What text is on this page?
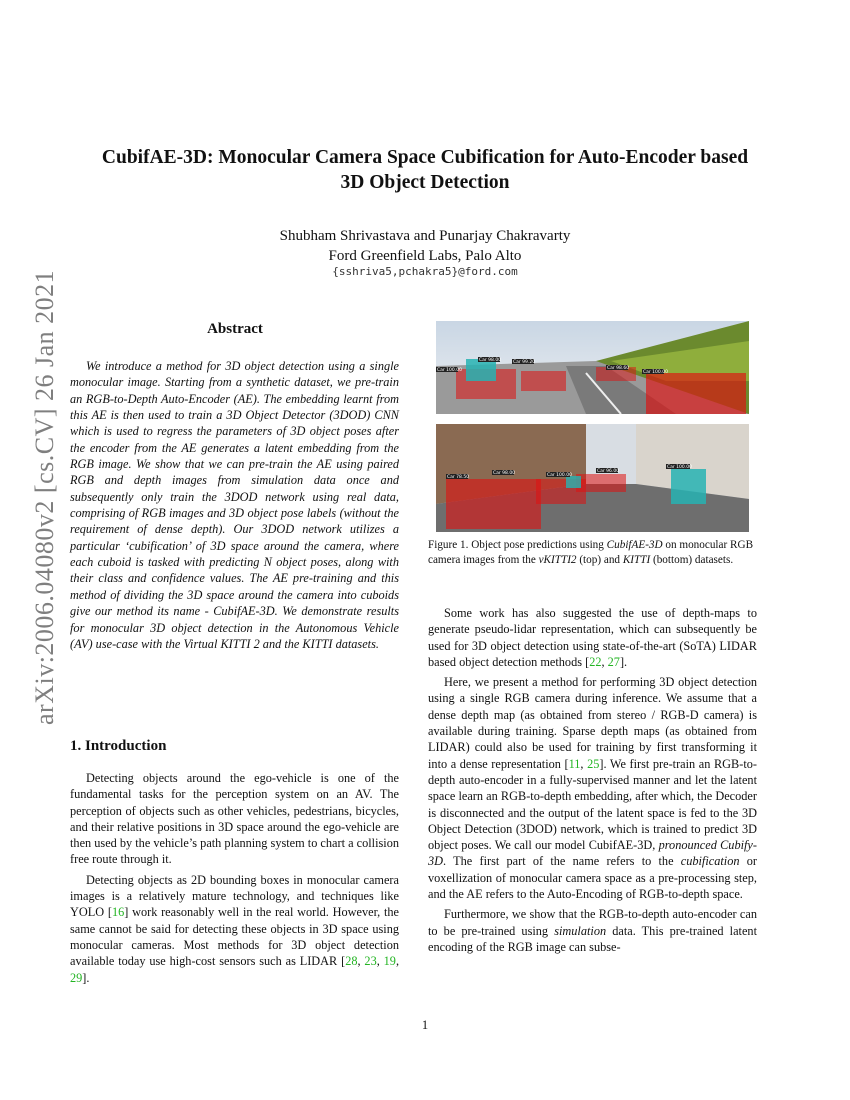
arXiv:2006.04080v2 [cs.CV] 26 Jan 2021
CubifAE-3D: Monocular Camera Space Cubification for Auto-Encoder based
3D Object Detection
Shubham Shrivastava and Punarjay Chakravarty
Ford Greenfield Labs, Palo Alto
{sshriva5,pchakra5}@ford.com
Abstract
We introduce a method for 3D object detection using a single monocular image. Starting from a synthetic dataset, we pre-train an RGB-to-Depth Auto-Encoder (AE). The embedding learnt from this AE is then used to train a 3D Object Detector (3DOD) CNN which is used to regress the parameters of 3D object poses after the encoder from the AE generates a latent embedding from the RGB image. We show that we can pre-train the AE using paired RGB and depth images from simulation data once and subsequently only train the 3DOD network using real data, comprising of RGB images and 3D object pose labels (without the requirement of dense depth). Our 3DOD network utilizes a particular ‘cubification’ of 3D space around the camera, where each cuboid is tasked with predicting N object poses, along with their class and confidence values. The AE pre-training and this method of dividing the 3D space around the camera into cuboids give our method its name - CubifAE-3D. We demonstrate results for monocular 3D object detection in the Autonomous Vehicle (AV) use-case with the Virtual KITTI 2 and the KITTI datasets.
1. Introduction

Detecting objects around the ego-vehicle is one of the fundamental tasks for the perception system on an AV. The perception of objects such as other vehicles, pedestrians, bicycles, and their relative positions in 3D space around the ego-vehicle are then used by the vehicle’s path planning system to chart a collision free route through it.

Detecting objects as 2D bounding boxes in monocular camera images is a relatively mature technology, and techniques like YOLO [16] work reasonably well in the real world. However, the same cannot be said for detecting these objects in 3D space using monocular cameras. Most methods for 3D object detection available today use high-cost sensors such as LIDAR [28, 23, 19, 29].

Car 100.00
Car 98.00	Car 99.20
Car 98.60
Car 100.00
Car 78.50
Car 98.00	Car 100.00
Car 96.00
Car 100.00
Figure 1. Object pose predictions using CubifAE-3D on monocular RGB camera images from the vKITTI2 (top) and KITTI (bottom) datasets.

Some work has also suggested the use of depth-maps to generate pseudo-lidar representation, which can subsequently be used for 3D object detection using state-of-the-art (SoTA) LIDAR based object detection methods [22, 27].

Here, we present a method for performing 3D object detection using a single RGB camera during inference. We assume that a dense depth map (as obtained from stereo / RGB-D camera) is available during training. Sparse depth maps (as obtained from LIDAR) could also be used for training by first transforming it into a dense representation [11, 25]. We first pre-train an RGB-to-depth auto-encoder in a fully-supervised manner and let the latent space learn an RGB-to-depth embedding, after which, the Decoder is disconnected and the output of the latent space is fed to the 3D Object Detection (3DOD) network, which is trained to predict 3D object poses. We call our model CubifAE-3D, pronounced Cubify-3D. The first part of the name refers to the cubification or voxellization of monocular camera space as a pre-processing step, and the AE refers to the Auto-Encoding of RGB-to-depth space.

Furthermore, we show that the RGB-to-depth auto-encoder can to be pre-trained using simulation data. This pre-trained latent encoding of the RGB image can subse-

1
